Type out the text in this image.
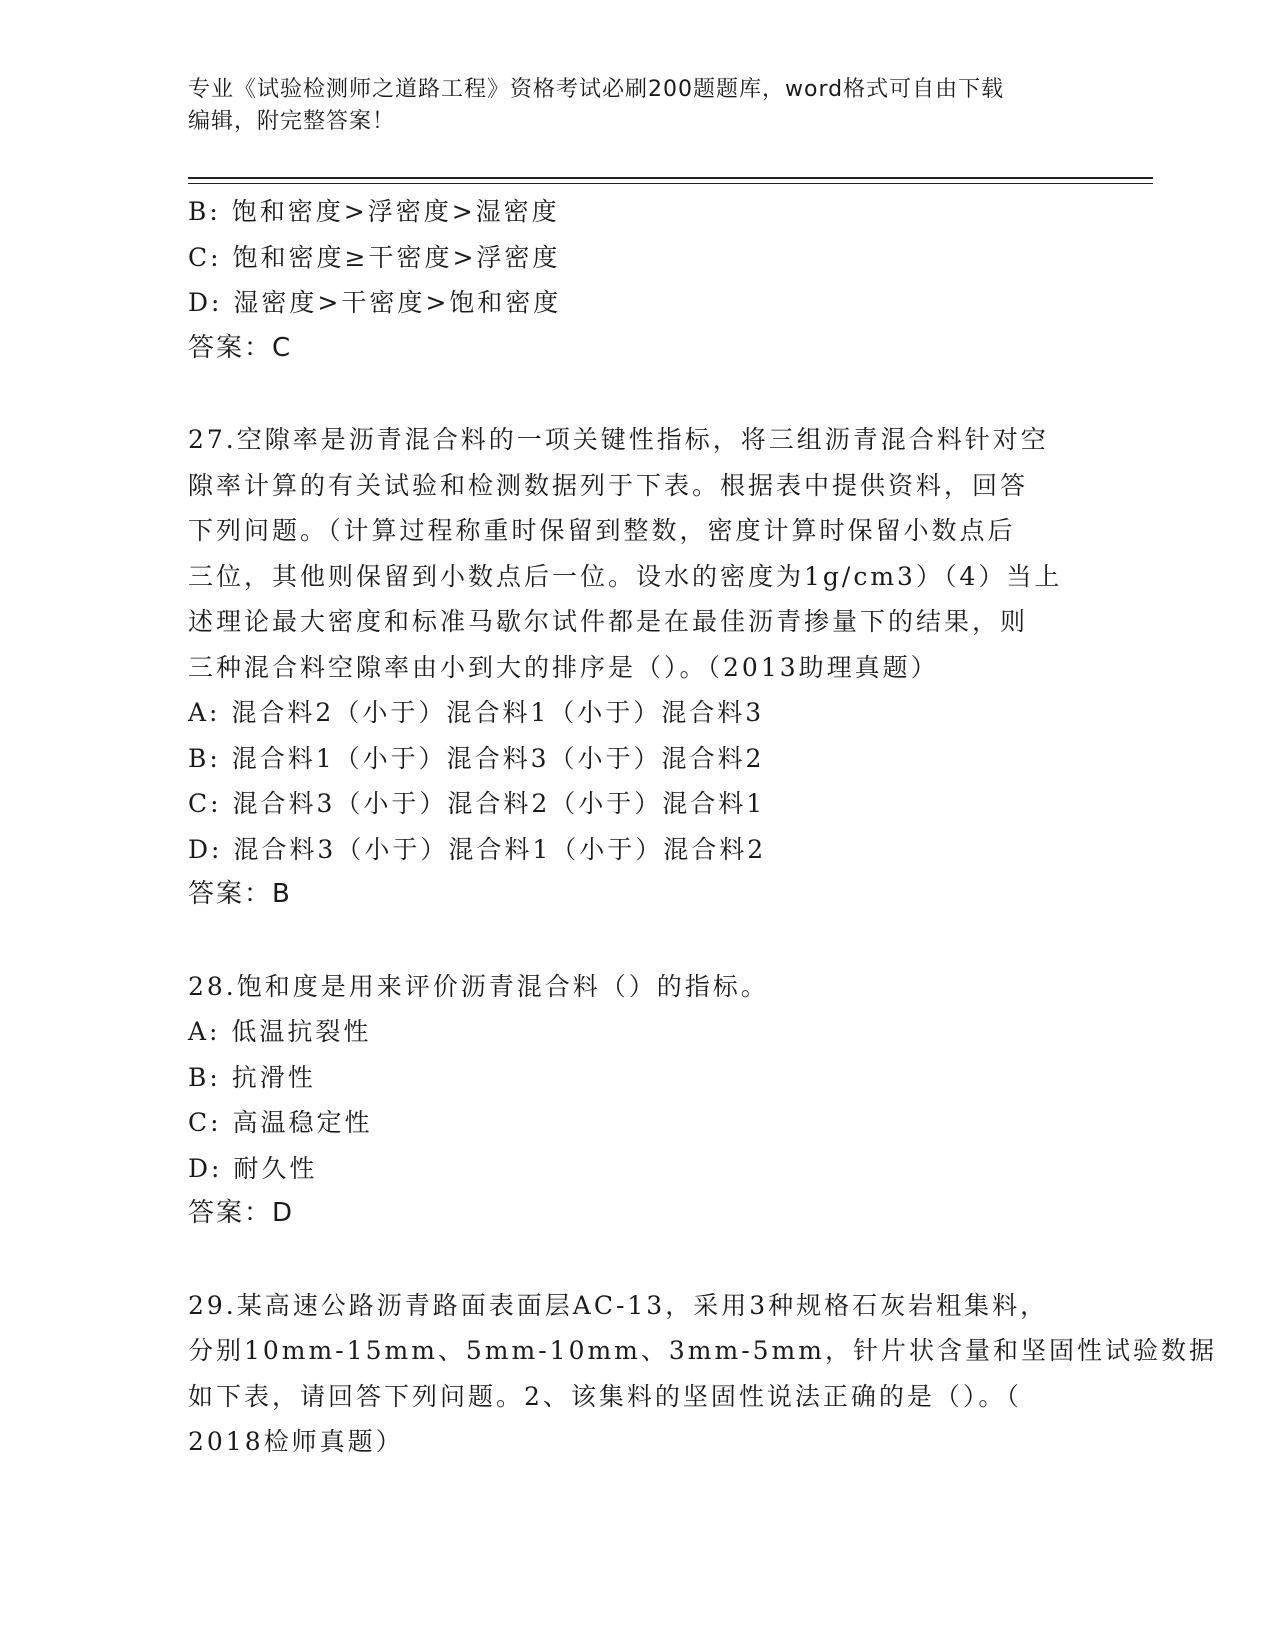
专业《试验检测师之道路工程》资格考试必刷200题题库，word格式可自由下载
编辑，附完整答案！
B: 饱和密度>浮密度>湿密度
C: 饱和密度≥干密度>浮密度
D: 湿密度>干密度>饱和密度
答案：C
27.空隙率是沥青混合料的一项关键性指标，将三组沥青混合料针对空
隙率计算的有关试验和检测数据列于下表。根据表中提供资料，回答
下列问题。（计算过程称重时保留到整数，密度计算时保留小数点后
三位，其他则保留到小数点后一位。设水的密度为1g/cm3）（4）当上
述理论最大密度和标准马歇尔试件都是在最佳沥青掺量下的结果，则
三种混合料空隙率由小到大的排序是（）。（2013助理真题）
A: 混合料2（小于）混合料1（小于）混合料3
B: 混合料1（小于）混合料3（小于）混合料2
C: 混合料3（小于）混合料2（小于）混合料1
D: 混合料3（小于）混合料1（小于）混合料2
答案：B
28.饱和度是用来评价沥青混合料（）的指标。
A: 低温抗裂性
B: 抗滑性
C: 高温稳定性
D: 耐久性
答案：D
29.某高速公路沥青路面表面层AC-13，采用3种规格石灰岩粗集料，
分别10mm-15mm、5mm-10mm、3mm-5mm，针片状含量和坚固性试验数据
如下表，请回答下列问题。2、该集料的坚固性说法正确的是（）。（
2018检师真题）
